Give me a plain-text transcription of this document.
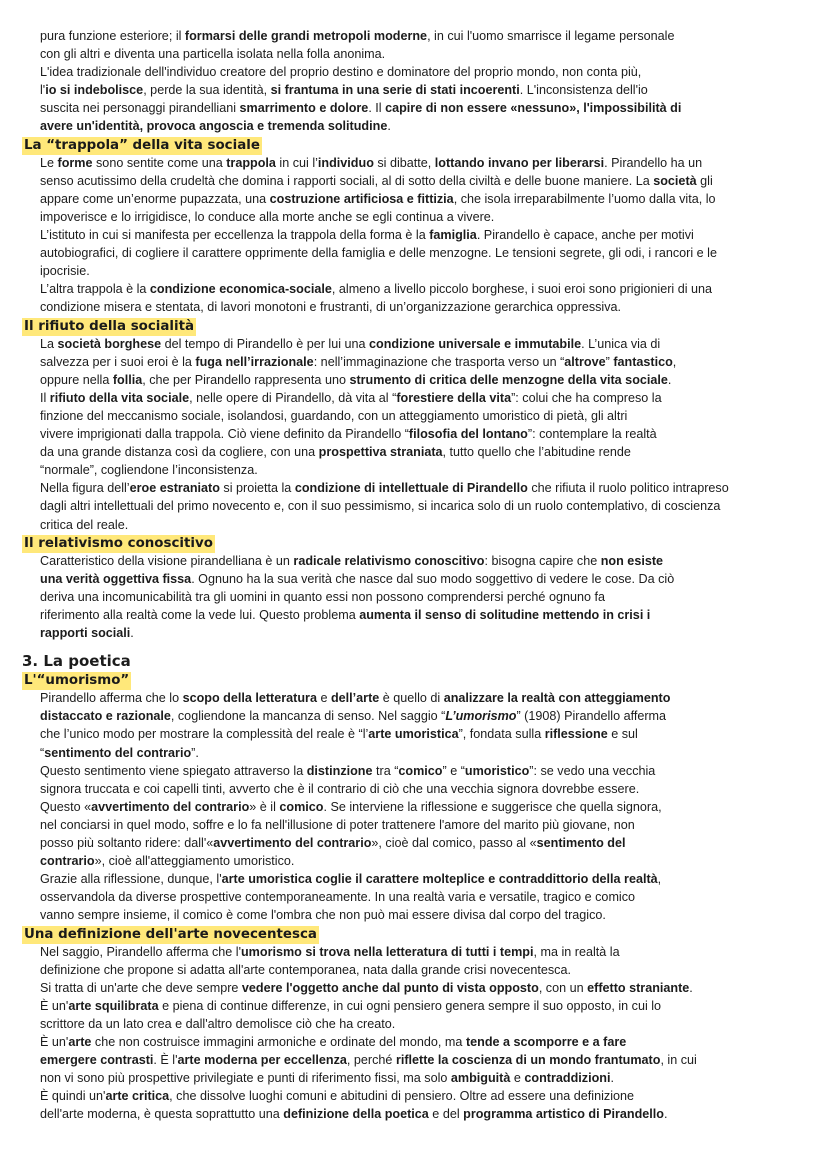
pura funzione esteriore; il formarsi delle grandi metropoli moderne, in cui l'uomo smarrisce il legame personale
con gli altri e diventa una particella isolata nella folla anonima.
L'idea tradizionale dell'individuo creatore del proprio destino e dominatore del proprio mondo, non conta più,
l'io si indebolisce, perde la sua identità, si frantuma in una serie di stati incoerenti. L'inconsistenza dell'io
suscita nei personaggi pirandelliani smarrimento e dolore. Il capire di non essere «nessuno», l'impossibilità di
avere un'identità, provoca angoscia e tremenda solitudine.
La “trappola” della vita sociale
Le forme sono sentite come una trappola in cui l’individuo si dibatte, lottando invano per liberarsi. Pirandello ha un
senso acutissimo della crudeltà che domina i rapporti sociali, al di sotto della civiltà e delle buone maniere. La società gli
appare come un’enorme pupazzata, una costruzione artificiosa e fittizia, che isola irreparabilmente l’uomo dalla vita, lo
impoverisce e lo irrigidisce, lo conduce alla morte anche se egli continua a vivere.
L’istituto in cui si manifesta per eccellenza la trappola della forma è la famiglia. Pirandello è capace, anche per motivi
autobiografici, di cogliere il carattere opprimente della famiglia e delle menzogne. Le tensioni segrete, gli odi, i rancori e le
ipocrisie.
L’altra trappola è la condizione economica-sociale, almeno a livello piccolo borghese, i suoi eroi sono prigionieri di una
condizione misera e stentata, di lavori monotoni e frustranti, di un’organizzazione gerarchica oppressiva.
Il rifiuto della socialità
La società borghese del tempo di Pirandello è per lui una condizione universale e immutabile. L’unica via di
salvezza per i suoi eroi è la fuga nell’irrazionale: nell’immaginazione che trasporta verso un “altrove” fantastico,
oppure nella follia, che per Pirandello rappresenta uno strumento di critica delle menzogne della vita sociale.
Il rifiuto della vita sociale, nelle opere di Pirandello, dà vita al “forestiere della vita”: colui che ha compreso la
finzione del meccanismo sociale, isolandosi, guardando, con un atteggiamento umoristico di pietà, gli altri
vivere imprigionati dalla trappola. Ciò viene definito da Pirandello “filosofia del lontano”: contemplare la realtà
da una grande distanza così da cogliere, con una prospettiva straniata, tutto quello che l’abitudine rende
“normale”, cogliendone l’inconsistenza.
Nella figura dell’eroe estraniato si proietta la condizione di intellettuale di Pirandello che rifiuta il ruolo politico intrapreso
dagli altri intellettuali del primo novecento e, con il suo pessimismo, si incarica solo di un ruolo contemplativo, di coscienza
critica del reale.
Il relativismo conoscitivo
Caratteristico della visione pirandelliana è un radicale relativismo conoscitivo: bisogna capire che non esiste
una verità oggettiva fissa. Ognuno ha la sua verità che nasce dal suo modo soggettivo di vedere le cose. Da ciò
deriva una incomunicabilità tra gli uomini in quanto essi non possono comprendersi perché ognuno fa
riferimento alla realtà come la vede lui. Questo problema aumenta il senso di solitudine mettendo in crisi i
rapporti sociali.
3. La poetica
L'“umorismo”
Pirandello afferma che lo scopo della letteratura e dell’arte è quello di analizzare la realtà con atteggiamento
distaccato e razionale, cogliendone la mancanza di senso. Nel saggio “L’umorismo” (1908) Pirandello afferma
che l’unico modo per mostrare la complessità del reale è “l’arte umoristica”, fondata sulla riflessione e sul
“sentimento del contrario”.
Questo sentimento viene spiegato attraverso la distinzione tra “comico” e “umoristico”: se vedo una vecchia
signora truccata e coi capelli tinti, avverto che è il contrario di ciò che una vecchia signora dovrebbe essere.
Questo «avvertimento del contrario» è il comico. Se interviene la riflessione e suggerisce che quella signora,
nel conciarsi in quel modo, soffre e lo fa nell'illusione di poter trattenere l'amore del marito più giovane, non
posso più soltanto ridere: dall'«avvertimento del contrario», cioè dal comico, passo al «sentimento del
contrario», cioè all'atteggiamento umoristico.
Grazie alla riflessione, dunque, l'arte umoristica coglie il carattere molteplice e contraddittorio della realtà,
osservandola da diverse prospettive contemporaneamente. In una realtà varia e versatile, tragico e comico
vanno sempre insieme, il comico è come l'ombra che non può mai essere divisa dal corpo del tragico.
Una definizione dell'arte novecentesca
Nel saggio, Pirandello afferma che l'umorismo si trova nella letteratura di tutti i tempi, ma in realtà la
definizione che propone si adatta all'arte contemporanea, nata dalla grande crisi novecentesca.
Si tratta di un'arte che deve sempre vedere l'oggetto anche dal punto di vista opposto, con un effetto straniante.
È un'arte squilibrata e piena di continue differenze, in cui ogni pensiero genera sempre il suo opposto, in cui lo
scrittore da un lato crea e dall'altro demolisce ciò che ha creato.
È un'arte che non costruisce immagini armoniche e ordinate del mondo, ma tende a scomporre e a fare
emergere contrasti. È l'arte moderna per eccellenza, perché riflette la coscienza di un mondo frantumato, in cui
non vi sono più prospettive privilegiate e punti di riferimento fissi, ma solo ambiguità e contraddizioni.
È quindi un'arte critica, che dissolve luoghi comuni e abitudini di pensiero. Oltre ad essere una definizione
dell'arte moderna, è questa soprattutto una definizione della poetica e del programma artistico di Pirandello.
